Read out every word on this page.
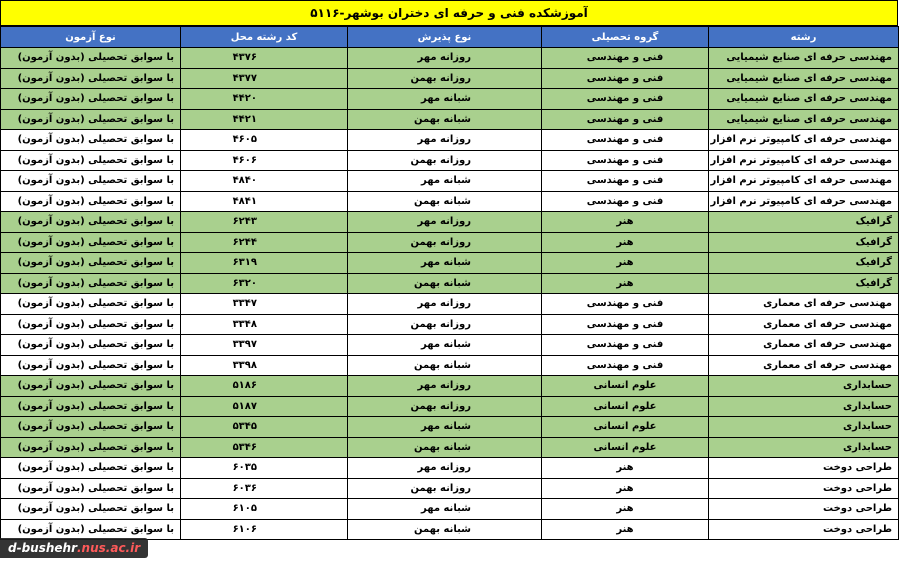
آموزشکده فنی و حرفه ای دختران بوشهر-۵۱۱۶
رشته	گروه تحصیلی	نوع پذیرش	کد رشته محل	نوع آزمون
مهندسی حرفه ای صنایع شیمیایی	فنی و مهندسی	روزانه مهر	۴۳۷۶	با سوابق تحصیلی (بدون آزمون)
مهندسی حرفه ای صنایع شیمیایی	فنی و مهندسی	روزانه بهمن	۴۳۷۷	با سوابق تحصیلی (بدون آزمون)
مهندسی حرفه ای صنایع شیمیایی	فنی و مهندسی	شبانه مهر	۴۴۲۰	با سوابق تحصیلی (بدون آزمون)
مهندسی حرفه ای صنایع شیمیایی	فنی و مهندسی	شبانه بهمن	۴۴۲۱	با سوابق تحصیلی (بدون آزمون)
مهندسی حرفه ای کامپیوتر نرم افزار	فنی و مهندسی	روزانه مهر	۴۶۰۵	با سوابق تحصیلی (بدون آزمون)
مهندسی حرفه ای کامپیوتر نرم افزار	فنی و مهندسی	روزانه بهمن	۴۶۰۶	با سوابق تحصیلی (بدون آزمون)
مهندسی حرفه ای کامپیوتر نرم افزار	فنی و مهندسی	شبانه مهر	۴۸۴۰	با سوابق تحصیلی (بدون آزمون)
مهندسی حرفه ای کامپیوتر نرم افزار	فنی و مهندسی	شبانه بهمن	۴۸۴۱	با سوابق تحصیلی (بدون آزمون)
گرافیک	هنر	روزانه مهر	۶۲۴۳	با سوابق تحصیلی (بدون آزمون)
گرافیک	هنر	روزانه بهمن	۶۲۴۴	با سوابق تحصیلی (بدون آزمون)
گرافیک	هنر	شبانه مهر	۶۳۱۹	با سوابق تحصیلی (بدون آزمون)
گرافیک	هنر	شبانه بهمن	۶۳۲۰	با سوابق تحصیلی (بدون آزمون)
مهندسی حرفه ای معماری	فنی و مهندسی	روزانه مهر	۳۳۴۷	با سوابق تحصیلی (بدون آزمون)
مهندسی حرفه ای معماری	فنی و مهندسی	روزانه بهمن	۳۳۴۸	با سوابق تحصیلی (بدون آزمون)
مهندسی حرفه ای معماری	فنی و مهندسی	شبانه مهر	۳۳۹۷	با سوابق تحصیلی (بدون آزمون)
مهندسی حرفه ای معماری	فنی و مهندسی	شبانه بهمن	۳۳۹۸	با سوابق تحصیلی (بدون آزمون)
حسابداری	علوم انسانی	روزانه مهر	۵۱۸۶	با سوابق تحصیلی (بدون آزمون)
حسابداری	علوم انسانی	روزانه بهمن	۵۱۸۷	با سوابق تحصیلی (بدون آزمون)
حسابداری	علوم انسانی	شبانه مهر	۵۳۴۵	با سوابق تحصیلی (بدون آزمون)
حسابداری	علوم انسانی	شبانه بهمن	۵۳۴۶	با سوابق تحصیلی (بدون آزمون)
طراحی دوخت	هنر	روزانه مهر	۶۰۳۵	با سوابق تحصیلی (بدون آزمون)
طراحی دوخت	هنر	روزانه بهمن	۶۰۳۶	با سوابق تحصیلی (بدون آزمون)
طراحی دوخت	هنر	شبانه مهر	۶۱۰۵	با سوابق تحصیلی (بدون آزمون)
طراحی دوخت	هنر	شبانه بهمن	۶۱۰۶	با سوابق تحصیلی (بدون آزمون)
d-bushehr .nus.ac.ir
